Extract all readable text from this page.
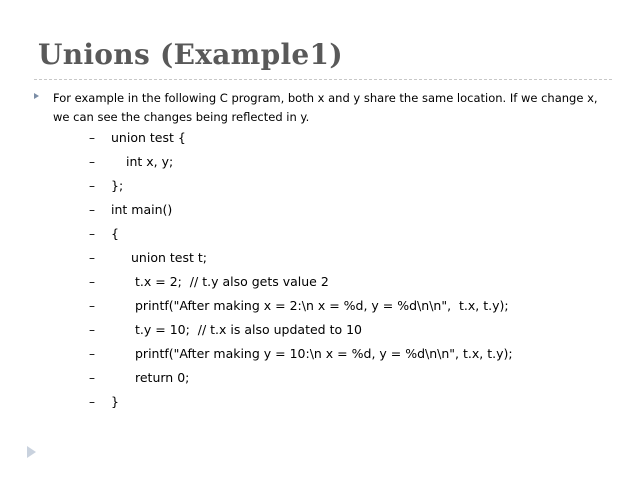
Unions (Example1)
For example in the following C program, both x and y share the same location. If we change x, we can see the changes being reflected in y.
– union test {
– int x, y;
– };
– int main()
– {
–	union test t;
–	t.x = 2;  // t.y also gets value 2
–	printf("After making x = 2:\n x = %d, y = %d\n\n",  t.x, t.y);
–	t.y = 10;  // t.x is also updated to 10
–	printf("After making y = 10:\n x = %d, y = %d\n\n", t.x, t.y);
–	return 0;
– }
